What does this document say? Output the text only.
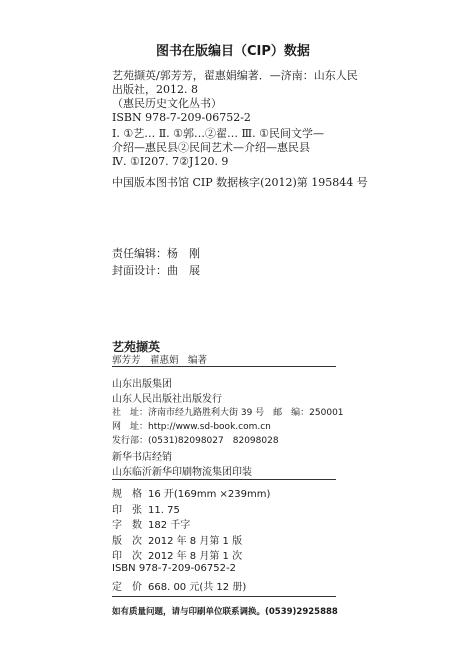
图书在版编目（CIP）数据
艺苑撷英/郭芳芳，翟惠娟编著．—济南：山东人民
出版社，2012. 8
（惠民历史文化丛书）
ISBN 978-7-209-06752-2
Ⅰ. ①艺… Ⅱ. ①郭…②翟… Ⅲ. ①民间文学—
介绍—惠民县②民间艺术—介绍—惠民县
Ⅳ. ①I207. 7②J120. 9
中国版本图书馆 CIP 数据核字(2012)第 195844 号
责任编辑：杨　刚
封面设计：曲　展
艺苑撷英
郭芳芳　翟惠娟　编著
山东出版集团
山东人民出版社出版发行
社　址：济南市经九路胜利大街 39 号　邮　编：250001
网　址：http://www.sd-book.com.cn
发行部：(0531)82098027　82098028
新华书店经销
山东临沂新华印刷物流集团印装
规格16 开(169mm ×239mm)
印张11. 75
字数182 千字
版次2012 年 8 月第 1 版
印次2012 年 8 月第 1 次
ISBN 978-7-209-06752-2
定价668. 00 元(共 12 册)
如有质量问题，请与印刷单位联系调换。(0539)2925888
